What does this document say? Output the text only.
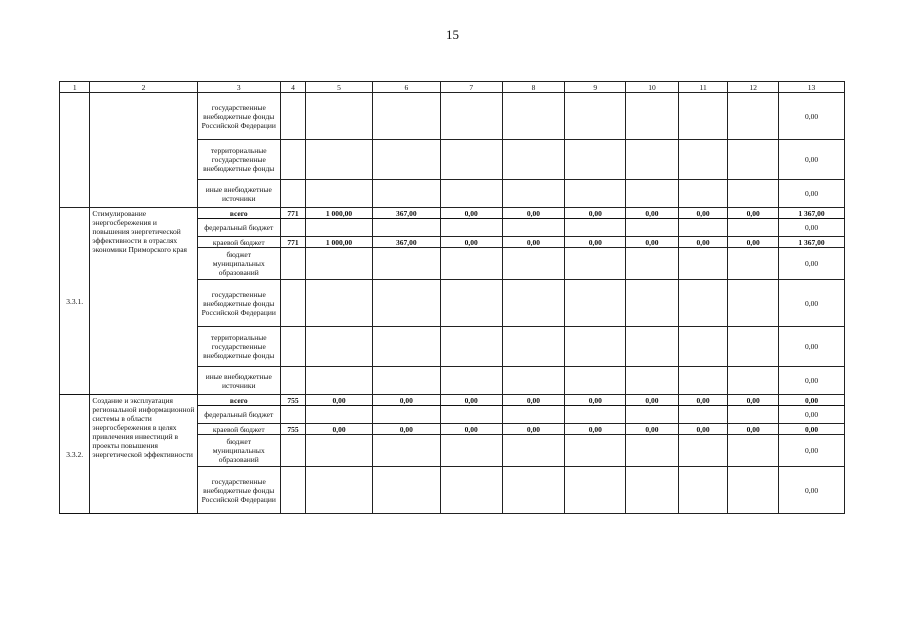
15
1	2	3	4	5	6	7	8	9	10	11	12	13
		государственные внебюджетные фонды Российской Федерации										0,00
		территориальные государственные внебюджетные фонды										0,00
		иные внебюджетные источники										0,00
3.3.1.	Стимулирование энергосбережения и повышения энергетической эффективности в отраслях экономики Приморского края	всего	771	1 000,00	367,00	0,00	0,00	0,00	0,00	0,00	0,00	1 367,00
		федеральный бюджет										0,00
		краевой бюджет	771	1 000,00	367,00	0,00	0,00	0,00	0,00	0,00	0,00	1 367,00
		бюджет муниципальных образований										0,00
		государственные внебюджетные фонды Российской Федерации										0,00
		территориальные государственные внебюджетные фонды										0,00
		иные внебюджетные источники										0,00
3.3.2.	Создание и эксплуатация региональной информационной системы в области энергосбережения в целях привлечения инвестиций в проекты повышения энергетической эффективности	всего	755	0,00	0,00	0,00	0,00	0,00	0,00	0,00	0,00	0,00
		федеральный бюджет										0,00
		краевой бюджет	755	0,00	0,00	0,00	0,00	0,00	0,00	0,00	0,00	0,00
		бюджет муниципальных образований										0,00
		государственные внебюджетные фонды Российской Федерации										0,00
